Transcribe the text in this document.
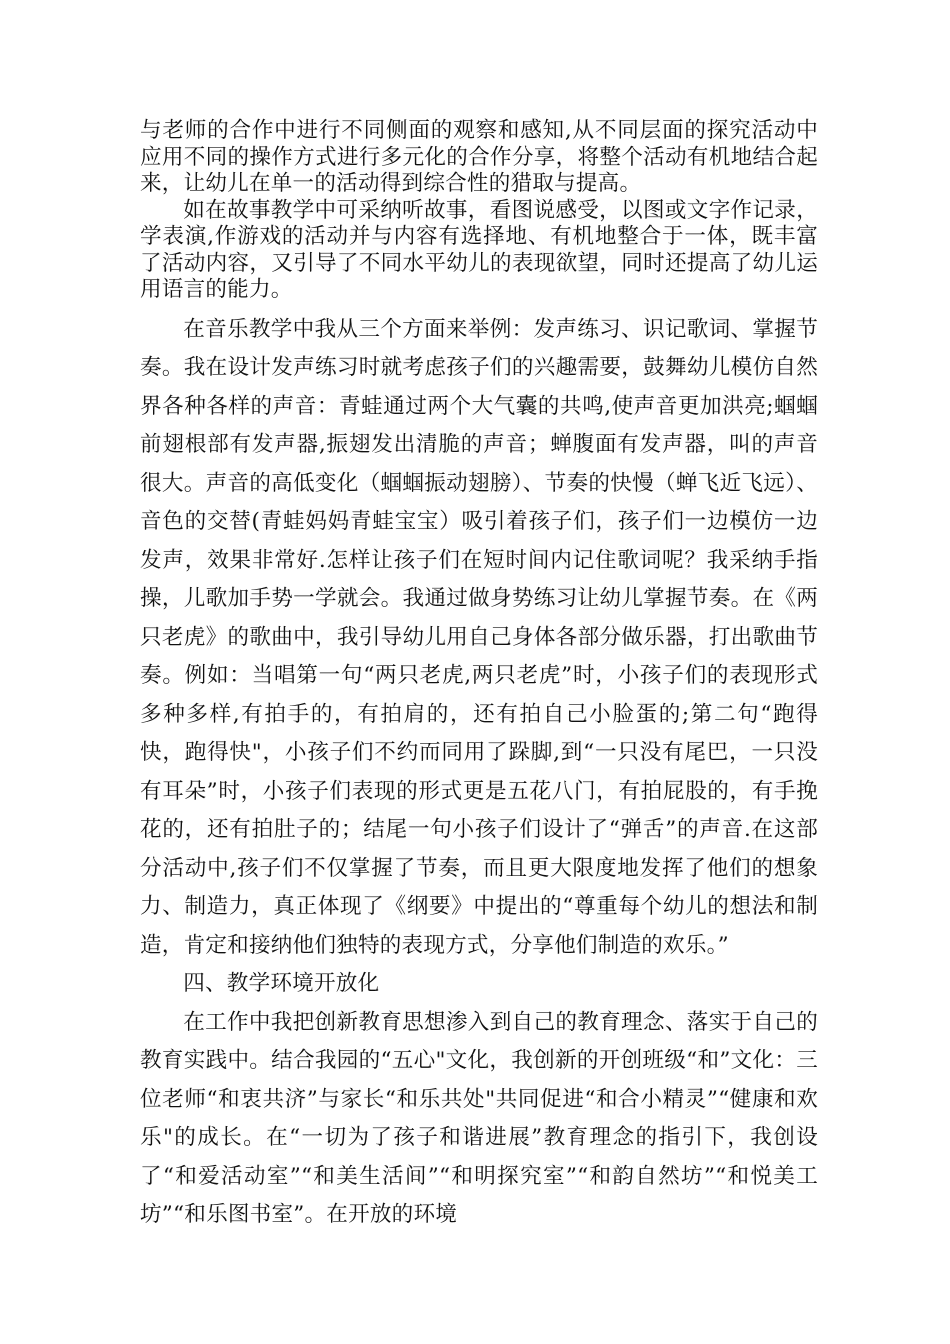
与老师的合作中进行不同侧面的观察和感知,从不同层面的探究活动中应用不同的操作方式进行多元化的合作分享，将整个活动有机地结合起来，让幼儿在单一的活动得到综合性的猎取与提高。

如在故事教学中可采纳听故事，看图说感受，以图或文字作记录，学表演,作游戏的活动并与内容有选择地、有机地整合于一体，既丰富了活动内容，又引导了不同水平幼儿的表现欲望，同时还提高了幼儿运用语言的能力。

在音乐教学中我从三个方面来举例：发声练习、识记歌词、掌握节奏。我在设计发声练习时就考虑孩子们的兴趣需要，鼓舞幼儿模仿自然界各种各样的声音：青蛙通过两个大气囊的共鸣,使声音更加洪亮;蝈蝈前翅根部有发声器,振翅发出清脆的声音；蝉腹面有发声器，叫的声音很大。声音的高低变化（蝈蝈振动翅膀）、节奏的快慢（蝉飞近飞远）、音色的交替(青蛙妈妈青蛙宝宝）吸引着孩子们，孩子们一边模仿一边发声，效果非常好.怎样让孩子们在短时间内记住歌词呢？我采纳手指操，儿歌加手势一学就会。我通过做身势练习让幼儿掌握节奏。在《两只老虎》的歌曲中，我引导幼儿用自己身体各部分做乐器，打出歌曲节奏。例如：当唱第一句“两只老虎,两只老虎”时，小孩子们的表现形式多种多样,有拍手的，有拍肩的，还有拍自己小脸蛋的;第二句“跑得快，跑得快"，小孩子们不约而同用了跺脚,到“一只没有尾巴，一只没有耳朵”时，小孩子们表现的形式更是五花八门，有拍屁股的，有手挽花的，还有拍肚子的；结尾一句小孩子们设计了“弹舌”的声音.在这部分活动中,孩子们不仅掌握了节奏，而且更大限度地发挥了他们的想象力、制造力，真正体现了《纲要》中提出的“尊重每个幼儿的想法和制造，肯定和接纳他们独特的表现方式，分享他们制造的欢乐。”

四、教学环境开放化

在工作中我把创新教育思想渗入到自己的教育理念、落实于自己的教育实践中。结合我园的“五心"文化，我创新的开创班级“和”文化：三位老师“和衷共济”与家长“和乐共处"共同促进“和合小精灵”“健康和欢乐"的成长。在“一切为了孩子和谐进展”教育理念的指引下，我创设了“和爱活动室”“和美生活间”“和明探究室”“和韵自然坊”“和悦美工坊”“和乐图书室”。在开放的环境
